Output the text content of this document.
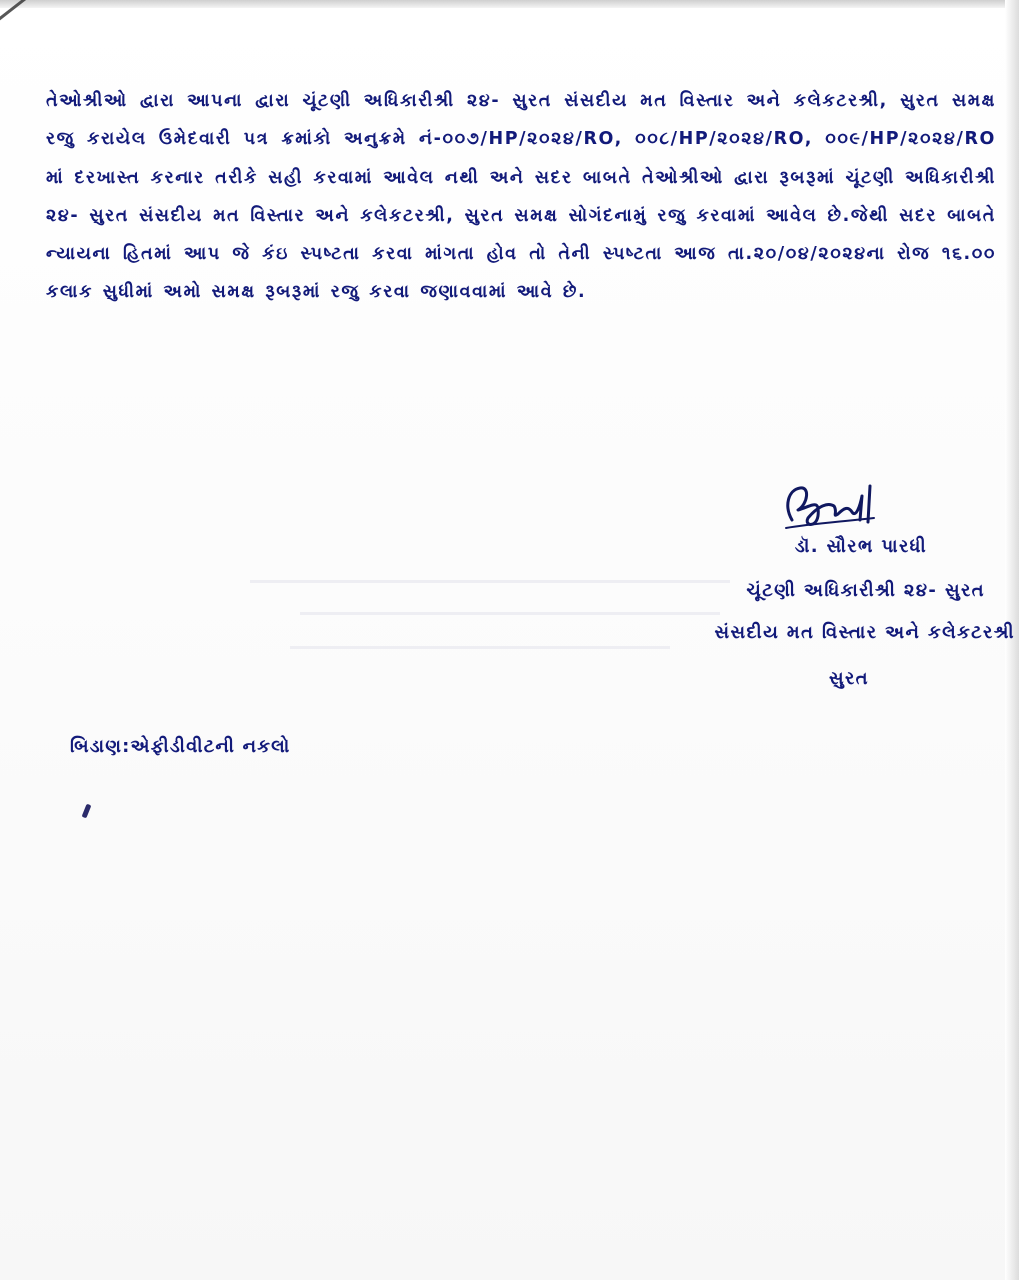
તેઓશ્રીઓ દ્વારા આપના દ્વારા ચૂંટણી અધિકારીશ્રી ૨૪- સુરત સંસદીય મત વિસ્તાર અને કલેકટરશ્રી, સુરત સમક્ષ રજુ કરાયેલ ઉમેદવારી પત્ર ક્રમાંકો અનુક્રમે નં-૦૦૭/HP/૨૦૨૪/RO, ૦૦૮/HP/૨૦૨૪/RO, ૦૦૯/HP/૨૦૨૪/RO માં દરખાસ્ત કરનાર તરીકે સહી કરવામાં આવેલ નથી અને સદર બાબતે તેઓશ્રીઓ દ્વારા રૂબરૂમાં ચૂંટણી અધિકારીશ્રી ૨૪- સુરત સંસદીય મત વિસ્તાર અને કલેકટરશ્રી, સુરત સમક્ષ સોગંદનામું રજુ કરવામાં આવેલ છે.જેથી સદર બાબતે ન્યાયના હિતમાં આપ જે કંઇ સ્પષ્ટતા કરવા માંગતા હોવ તો તેની સ્પષ્ટતા આજ તા.૨૦/૦૪/૨૦૨૪ના રોજ ૧૬.૦૦ કલાક સુધીમાં અમો સમક્ષ રૂબરૂમાં રજુ કરવા જણાવવામાં આવે છે.

ડૉ. સૌરભ પારધી
ચૂંટણી અધિકારીશ્રી ૨૪- સુરત
સંસદીય મત વિસ્તાર અને કલેકટરશ્રી
સુરત
બિડાણ:એફીડીવીટની નકલો
